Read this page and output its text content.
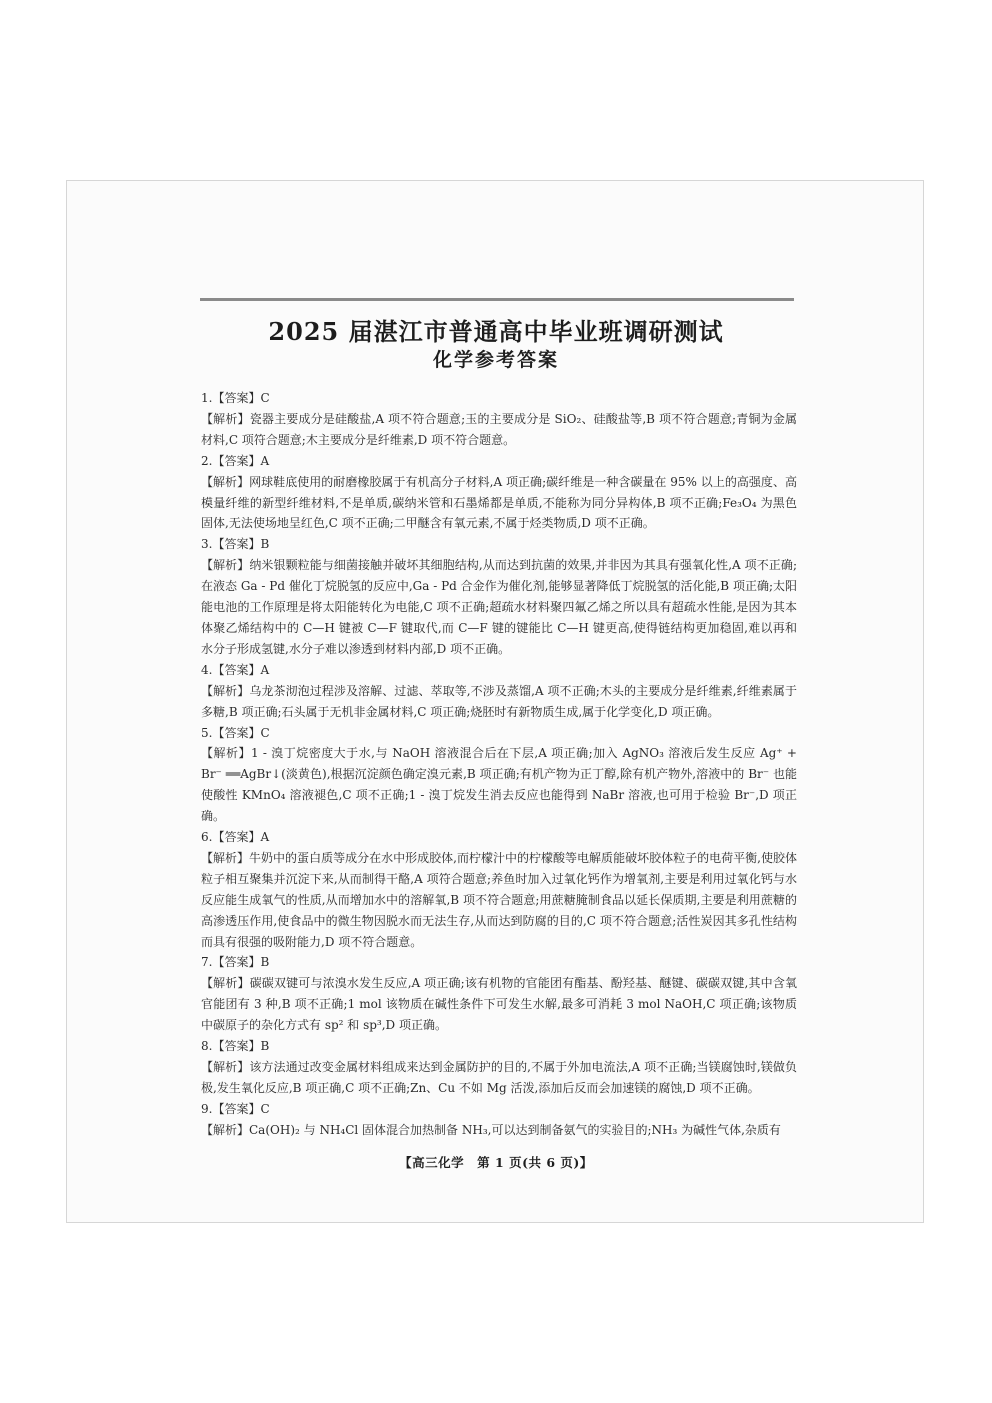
2025 届湛江市普通高中毕业班调研测试
化学参考答案
1.【答案】C
【解析】瓷器主要成分是硅酸盐,A 项不符合题意;玉的主要成分是 SiO₂、硅酸盐等,B 项不符合题意;青铜为金属材料,C 项符合题意;木主要成分是纤维素,D 项不符合题意。
2.【答案】A
【解析】网球鞋底使用的耐磨橡胶属于有机高分子材料,A 项正确;碳纤维是一种含碳量在 95% 以上的高强度、高模量纤维的新型纤维材料,不是单质,碳纳米管和石墨烯都是单质,不能称为同分异构体,B 项不正确;Fe₃O₄ 为黑色固体,无法使场地呈红色,C 项不正确;二甲醚含有氧元素,不属于烃类物质,D 项不正确。
3.【答案】B
【解析】纳米银颗粒能与细菌接触并破坏其细胞结构,从而达到抗菌的效果,并非因为其具有强氧化性,A 项不正确;在液态 Ga - Pd 催化丁烷脱氢的反应中,Ga - Pd 合金作为催化剂,能够显著降低丁烷脱氢的活化能,B 项正确;太阳能电池的工作原理是将太阳能转化为电能,C 项不正确;超疏水材料聚四氟乙烯之所以具有超疏水性能,是因为其本体聚乙烯结构中的 C—H 键被 C—F 键取代,而 C—F 键的键能比 C—H 键更高,使得链结构更加稳固,难以再和水分子形成氢键,水分子难以渗透到材料内部,D 项不正确。
4.【答案】A
【解析】乌龙茶沏泡过程涉及溶解、过滤、萃取等,不涉及蒸馏,A 项不正确;木头的主要成分是纤维素,纤维素属于多糖,B 项正确;石头属于无机非金属材料,C 项正确;烧胚时有新物质生成,属于化学变化,D 项正确。
5.【答案】C
【解析】1 - 溴丁烷密度大于水,与 NaOH 溶液混合后在下层,A 项正确;加入 AgNO₃ 溶液后发生反应 Ag⁺ + Br⁻ ══AgBr↓(淡黄色),根据沉淀颜色确定溴元素,B 项正确;有机产物为正丁醇,除有机产物外,溶液中的 Br⁻ 也能使酸性 KMnO₄ 溶液褪色,C 项不正确;1 - 溴丁烷发生消去反应也能得到 NaBr 溶液,也可用于检验 Br⁻,D 项正确。
6.【答案】A
【解析】牛奶中的蛋白质等成分在水中形成胶体,而柠檬汁中的柠檬酸等电解质能破坏胶体粒子的电荷平衡,使胶体粒子相互聚集并沉淀下来,从而制得干酪,A 项符合题意;养鱼时加入过氧化钙作为增氧剂,主要是利用过氧化钙与水反应能生成氧气的性质,从而增加水中的溶解氧,B 项不符合题意;用蔗糖腌制食品以延长保质期,主要是利用蔗糖的高渗透压作用,使食品中的微生物因脱水而无法生存,从而达到防腐的目的,C 项不符合题意;活性炭因其多孔性结构而具有很强的吸附能力,D 项不符合题意。
7.【答案】B
【解析】碳碳双键可与浓溴水发生反应,A 项正确;该有机物的官能团有酯基、酚羟基、醚键、碳碳双键,其中含氧官能团有 3 种,B 项不正确;1 mol 该物质在碱性条件下可发生水解,最多可消耗 3 mol NaOH,C 项正确;该物质中碳原子的杂化方式有 sp² 和 sp³,D 项正确。
8.【答案】B
【解析】该方法通过改变金属材料组成来达到金属防护的目的,不属于外加电流法,A 项不正确;当镁腐蚀时,镁做负极,发生氧化反应,B 项正确,C 项不正确;Zn、Cu 不如 Mg 活泼,添加后反而会加速镁的腐蚀,D 项不正确。
9.【答案】C
【解析】Ca(OH)₂ 与 NH₄Cl 固体混合加热制备 NH₃,可以达到制备氨气的实验目的;NH₃ 为碱性气体,杂质有
【高三化学　第 1 页(共 6 页)】
